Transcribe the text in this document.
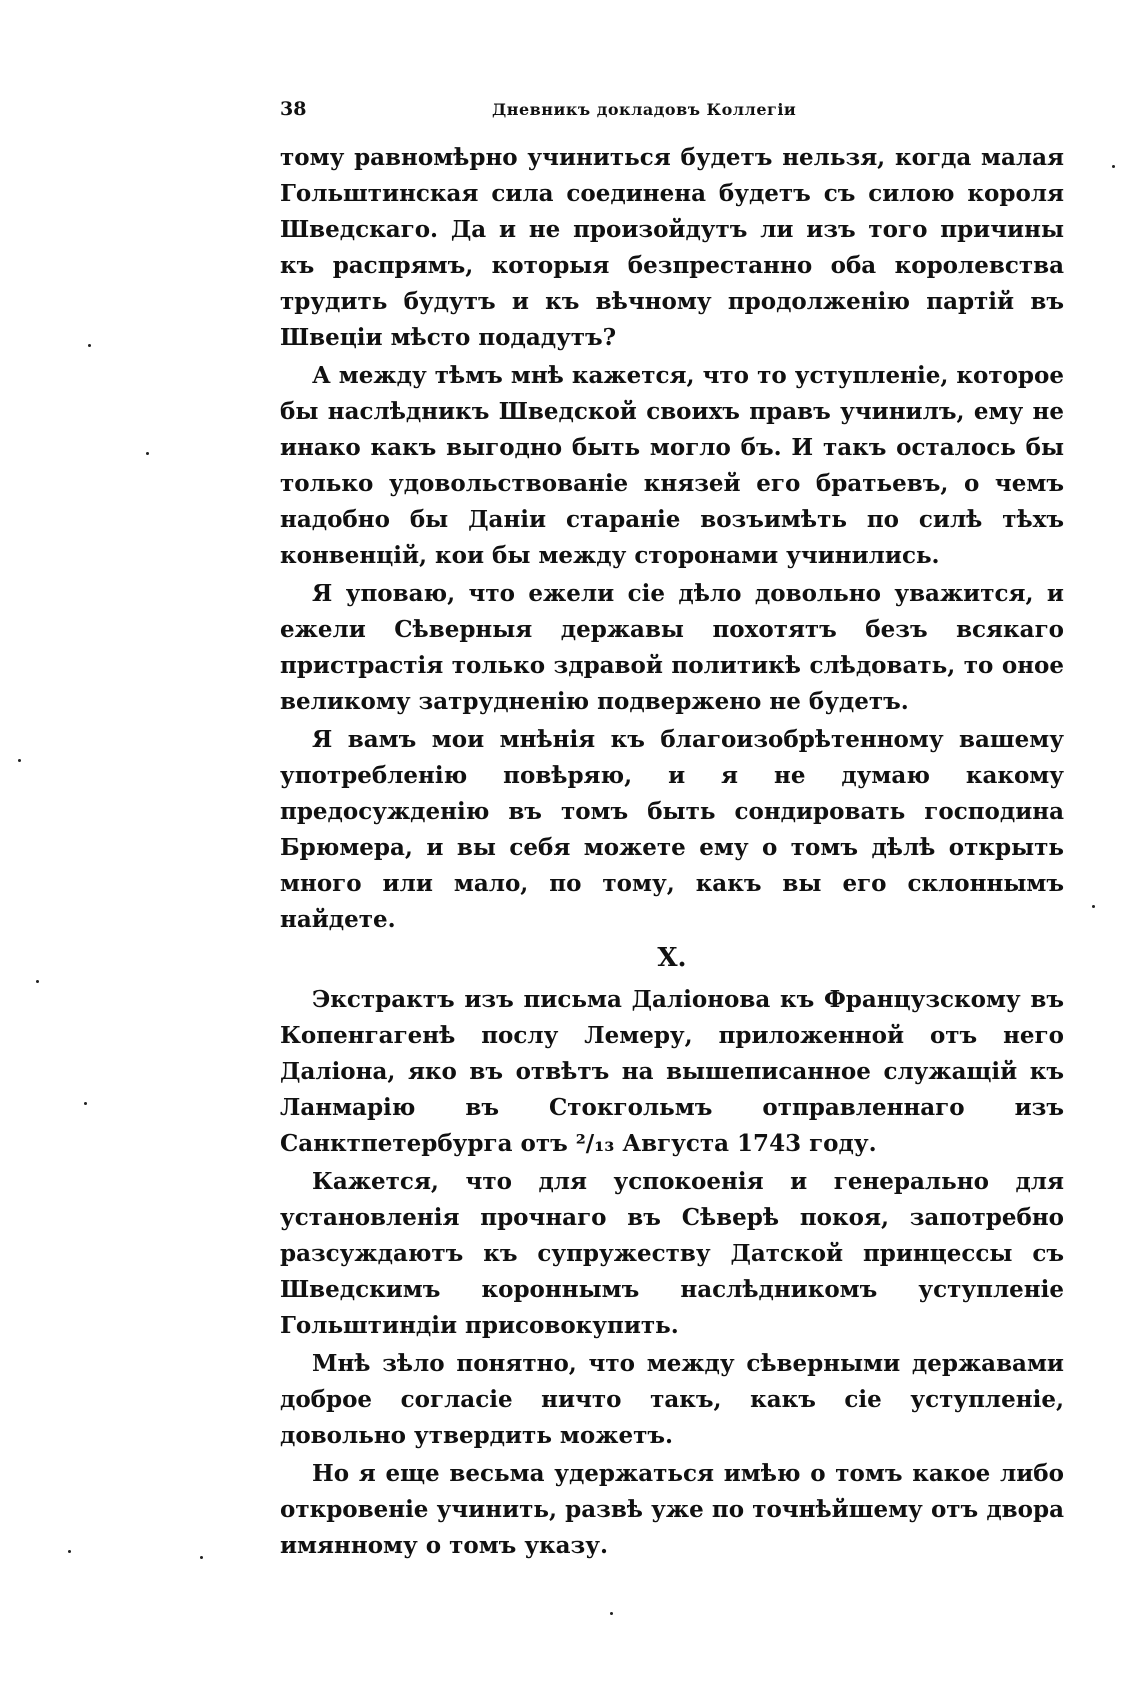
38	Дневникъ докладовъ Коллегіи

тому равномѣрно учиниться будетъ нельзя, когда малая Гольштинская сила соединена будетъ съ силою короля Шведскаго. Да и не произойдутъ ли изъ того причины къ распрямъ, которыя безпрестанно оба королевства трудить будутъ и къ вѣчному продолженію партій въ Швеціи мѣсто подадутъ?

А между тѣмъ мнѣ кажется, что то уступленіе, которое бы наслѣдникъ Шведской своихъ правъ учинилъ, ему не инако какъ выгодно быть могло бъ. И такъ осталось бы только удовольствованіе князей его братьевъ, о чемъ надобно бы Даніи стараніе возъимѣть по силѣ тѣхъ конвенцій, кои бы между сторонами учинились.

Я уповаю, что ежели сіе дѣло довольно уважится, и ежели Сѣверныя державы похотятъ безъ всякаго пристрастія только здравой политикѣ слѣдовать, то оное великому затрудненію подвержено не будетъ.

Я вамъ мои мнѣнія къ благоизобрѣтенному вашему употребленію повѣряю, и я не думаю какому предосужденію въ томъ быть сондировать господина Брюмера, и вы себя можете ему о томъ дѣлѣ открыть много или мало, по тому, какъ вы его склоннымъ найдете.

X.

Экстрактъ изъ письма Даліонова къ Французскому въ Копенгагенѣ послу Лемеру, приложенной отъ него Даліона, яко въ отвѣтъ на вышеписанное служащій къ Ланмарію въ Стокгольмъ отправленнаго изъ Санктпетербурга отъ ²/₁₃ Августа 1743 году.

Кажется, что для успокоенія и генерально для установленія прочнаго въ Сѣверѣ покоя, запотребно разсуждаютъ къ супружеству Датской принцессы съ Шведскимъ короннымъ наслѣдникомъ уступленіе Гольштиндіи присовокупить.

Мнѣ зѣло понятно, что между сѣверными державами доброе согласіе ничто такъ, какъ сіе уступленіе, довольно утвердить можетъ.

Но я еще весьма удержаться имѣю о томъ какое либо откровеніе учинить, развѣ уже по точнѣйшему отъ двора имянному о томъ указу.
